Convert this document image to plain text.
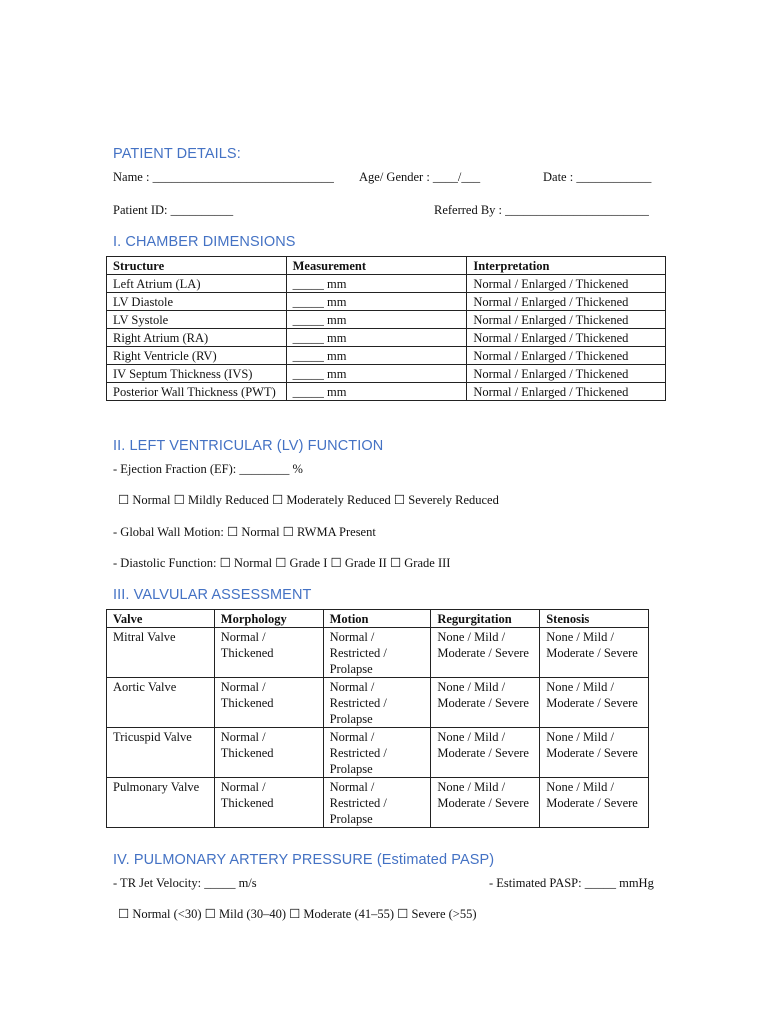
PATIENT DETAILS:
Name : _____________________________ Age/ Gender : ____/___	Date : ____________
Patient ID: __________	Referred By : _______________________
I. CHAMBER DIMENSIONS
Structure	Measurement	Interpretation
Left Atrium (LA)	_____ mm	Normal / Enlarged / Thickened
LV Diastole	_____ mm	Normal / Enlarged / Thickened
LV Systole	_____ mm	Normal / Enlarged / Thickened
Right Atrium (RA)	_____ mm	Normal / Enlarged / Thickened
Right Ventricle (RV)	_____ mm	Normal / Enlarged / Thickened
IV Septum Thickness (IVS)	_____ mm	Normal / Enlarged / Thickened
Posterior Wall Thickness (PWT)	_____ mm	Normal / Enlarged / Thickened
II. LEFT VENTRICULAR (LV) FUNCTION
- Ejection Fraction (EF): ________ %
☐ Normal ☐ Mildly Reduced ☐ Moderately Reduced ☐ Severely Reduced
- Global Wall Motion: ☐ Normal ☐ RWMA Present
- Diastolic Function: ☐ Normal ☐ Grade I ☐ Grade II ☐ Grade III
III. VALVULAR ASSESSMENT
Valve	Morphology	Motion	Regurgitation	Stenosis
Mitral Valve	Normal / Thickened	Normal / Restricted / Prolapse	None / Mild / Moderate / Severe	None / Mild / Moderate / Severe
Aortic Valve	Normal / Thickened	Normal / Restricted / Prolapse	None / Mild / Moderate / Severe	None / Mild / Moderate / Severe
Tricuspid Valve	Normal / Thickened	Normal / Restricted / Prolapse	None / Mild / Moderate / Severe	None / Mild / Moderate / Severe
Pulmonary Valve	Normal / Thickened	Normal / Restricted / Prolapse	None / Mild / Moderate / Severe	None / Mild / Moderate / Severe
IV. PULMONARY ARTERY PRESSURE (Estimated PASP)
- TR Jet Velocity: _____ m/s	- Estimated PASP: _____ mmHg
☐ Normal (<30) ☐ Mild (30–40) ☐ Moderate (41–55) ☐ Severe (>55)
